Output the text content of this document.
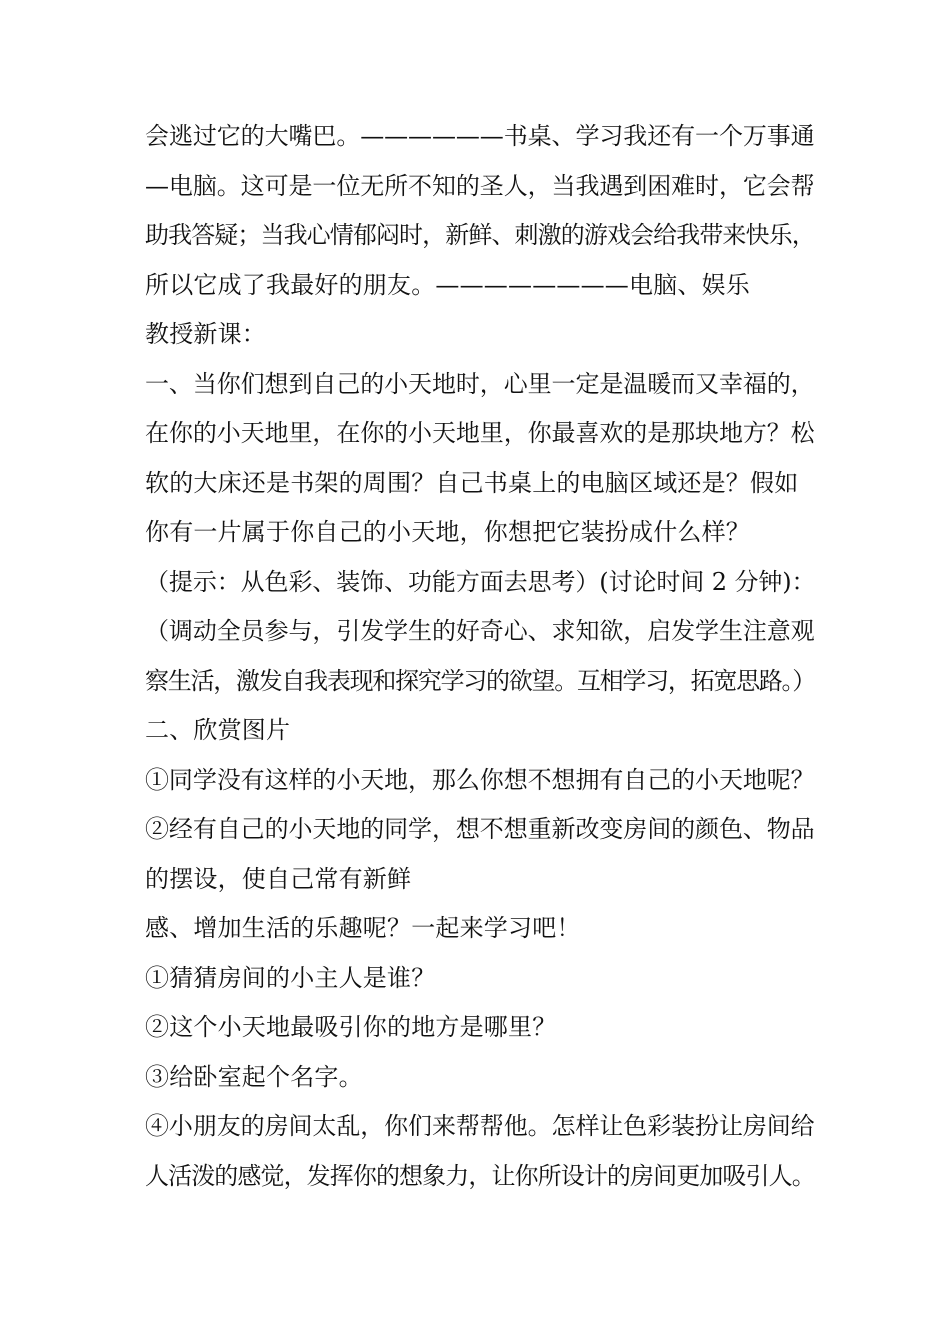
会逃过它的大嘴巴。——————书桌、学习我还有一个万事通
—电脑。这可是一位无所不知的圣人，当我遇到困难时，它会帮
助我答疑；当我心情郁闷时，新鲜、刺激的游戏会给我带来快乐，
所以它成了我最好的朋友。————————电脑、娱乐
教授新课：
一、当你们想到自己的小天地时，心里一定是温暖而又幸福的，
在你的小天地里，在你的小天地里，你最喜欢的是那块地方？松
软的大床还是书架的周围？自己书桌上的电脑区域还是？假如
你有一片属于你自己的小天地，你想把它装扮成什么样？
（提示：从色彩、装饰、功能方面去思考）(讨论时间 2 分钟)：
（调动全员参与，引发学生的好奇心、求知欲，启发学生注意观
察生活，激发自我表现和探究学习的欲望。互相学习，拓宽思路。）
二、欣赏图片
①同学没有这样的小天地，那么你想不想拥有自己的小天地呢？
②经有自己的小天地的同学，想不想重新改变房间的颜色、物品
的摆设，使自己常有新鲜
感、增加生活的乐趣呢？一起来学习吧！
①猜猜房间的小主人是谁？
②这个小天地最吸引你的地方是哪里？
③给卧室起个名字。
④小朋友的房间太乱，你们来帮帮他。怎样让色彩装扮让房间给
人活泼的感觉，发挥你的想象力，让你所设计的房间更加吸引人。
